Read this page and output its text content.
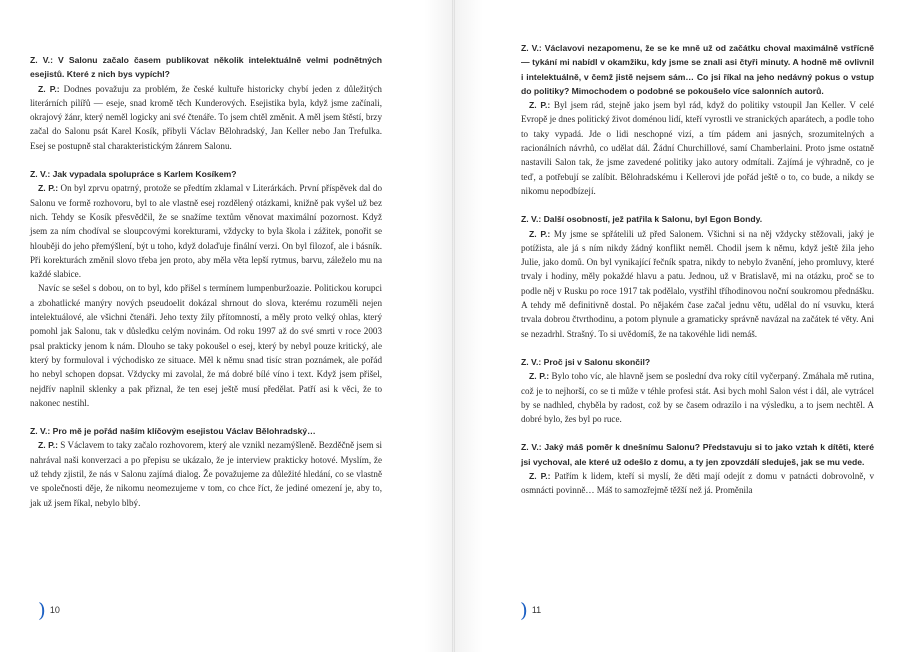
Z. V.: V Salonu začalo časem publikovat několik intelektuálně velmi podnětných esejistů. Které z nich bys vypíchl?

Z. P.: Dodnes považuju za problém, že české kultuře historicky chybí jeden z důležitých literárních pilířů — eseje, snad kromě těch Kunderových. Esejistika byla, když jsme začínali, okrajový žánr, který neměl logicky ani své čtenáře. To jsem chtěl změnit. A měl jsem štěstí, brzy začal do Salonu psát Karel Kosík, přibyli Václav Bělohradský, Jan Keller nebo Jan Trefulka. Esej se postupně stal charakteristickým žánrem Salonu.

Z. V.: Jak vypadala spolupráce s Karlem Kosíkem?

Z. P.: On byl zprvu opatrný, protože se předtím zklamal v Literárkách. První příspěvek dal do Salonu ve formě rozhovoru, byl to ale vlastně esej rozdělený otázkami, knižně pak vyšel už bez nich. Tehdy se Kosík přesvědčil, že se snažíme textům věnovat maximální pozornost. Když jsem za ním chodíval se sloupcovými korekturami, vždycky to byla škola i zážitek, ponořit se hlouběji do jeho přemýšlení, být u toho, když dolaďuje finální verzi. On byl filozof, ale i básník. Při korekturách změnil slovo třeba jen proto, aby měla věta lepší rytmus, barvu, záleželo mu na každé slabice.

Navíc se sešel s dobou, on to byl, kdo přišel s termínem lumpenburžoazie. Politickou korupci a zbohatlické manýry nových pseudoelit dokázal shrnout do slova, kterému rozuměli nejen intelektuálové, ale všichni čtenáři. Jeho texty žily přítomností, a měly proto velký ohlas, který pomohl jak Salonu, tak v důsledku celým novinám. Od roku 1997 až do své smrti v roce 2003 psal prakticky jenom k nám. Dlouho se taky pokoušel o esej, který by nebyl pouze kritický, ale který by formuloval i východisko ze situace. Měl k němu snad tisíc stran poznámek, ale pořád ho nebyl schopen dopsat. Vždycky mi zavolal, že má dobré bílé víno i text. Když jsem přišel, nejdřív naplnil sklenky a pak přiznal, že ten esej ještě musí předělat. Patří asi k věci, že to nakonec nestihl.

Z. V.: Pro mě je pořád naším klíčovým esejistou Václav Bělohradský…

Z. P.: S Václavem to taky začalo rozhovorem, který ale vznikl nezamýšleně. Bezděčně jsem si nahrával naši konverzaci a po přepisu se ukázalo, že je interview prakticky hotové. Myslím, že už tehdy zjistil, že nás v Salonu zajímá dialog. Že považujeme za důležité hledání, co se vlastně ve společnosti děje, že nikomu neomezujeme v tom, co chce říct, že jediné omezení je, aby to, jak už jsem říkal, nebylo blbý.

) 10

Z. V.: Václavovi nezapomenu, že se ke mně už od začátku choval maximálně vstřícně — tykání mi nabídl v okamžiku, kdy jsme se znali asi čtyři minuty. A hodně mě ovlivnil i intelektuálně, v čemž jistě nejsem sám… Co jsi říkal na jeho nedávný pokus o vstup do politiky? Mimochodem o podobné se pokoušelo více salonních autorů.

Z. P.: Byl jsem rád, stejně jako jsem byl rád, když do politiky vstoupil Jan Keller. V celé Evropě je dnes politický život doménou lidí, kteří vyrostli ve stranických aparátech, a podle toho to taky vypadá. Jde o lidi neschopné vizí, a tím pádem ani jasných, srozumitelných a racionálních návrhů, co udělat dál. Žádní Churchillové, samí Chamberlaini. Proto jsme ostatně nastavili Salon tak, že jsme zavedené politiky jako autory odmítali. Zajímá je výhradně, co je teď, a potřebují se zalíbit. Bělohradskému i Kellerovi jde pořád ještě o to, co bude, a nikdy se nikomu nepodbízejí.

Z. V.: Další osobností, jež patřila k Salonu, byl Egon Bondy.

Z. P.: My jsme se spřátelili už před Salonem. Všichni si na něj vždycky stěžovali, jaký je potížista, ale já s ním nikdy žádný konflikt neměl. Chodil jsem k němu, když ještě žila jeho Julie, jako domů. On byl vynikající řečník spatra, nikdy to nebylo žvanění, jeho promluvy, které trvaly i hodiny, měly pokaždé hlavu a patu. Jednou, už v Bratislavě, mi na otázku, proč se to podle něj v Rusku po roce 1917 tak podělalo, vystřihl tříhodinovou noční soukromou přednášku. A tehdy mě definitivně dostal. Po nějakém čase začal jednu větu, udělal do ní vsuvku, která trvala dobrou čtvrthodinu, a potom plynule a gramaticky správně navázal na začátek té věty. Ani se nezadrhl. Strašný. To si uvědomíš, že na takovéhle lidi nemáš.

Z. V.: Proč jsi v Salonu skončil?

Z. P.: Bylo toho víc, ale hlavně jsem se poslední dva roky cítil vyčerpaný. Zmáhala mě rutina, což je to nejhorší, co se ti může v téhle profesi stát. Asi bych mohl Salon vést i dál, ale vytrácel by se nadhled, chyběla by radost, což by se časem odrazilo i na výsledku, a to jsem nechtěl. A dobré bylo, žes byl po ruce.

Z. V.: Jaký máš poměr k dnešnímu Salonu? Představuju si to jako vztah k dítěti, které jsi vychoval, ale které už odešlo z domu, a ty jen zpovzdálí sleduješ, jak se mu vede.

Z. P.: Patřím k lidem, kteří si myslí, že děti mají odejít z domu v patnácti dobrovolně, v osmnácti povinně… Máš to samozřejmě těžší než já. Proměnila

) 11
